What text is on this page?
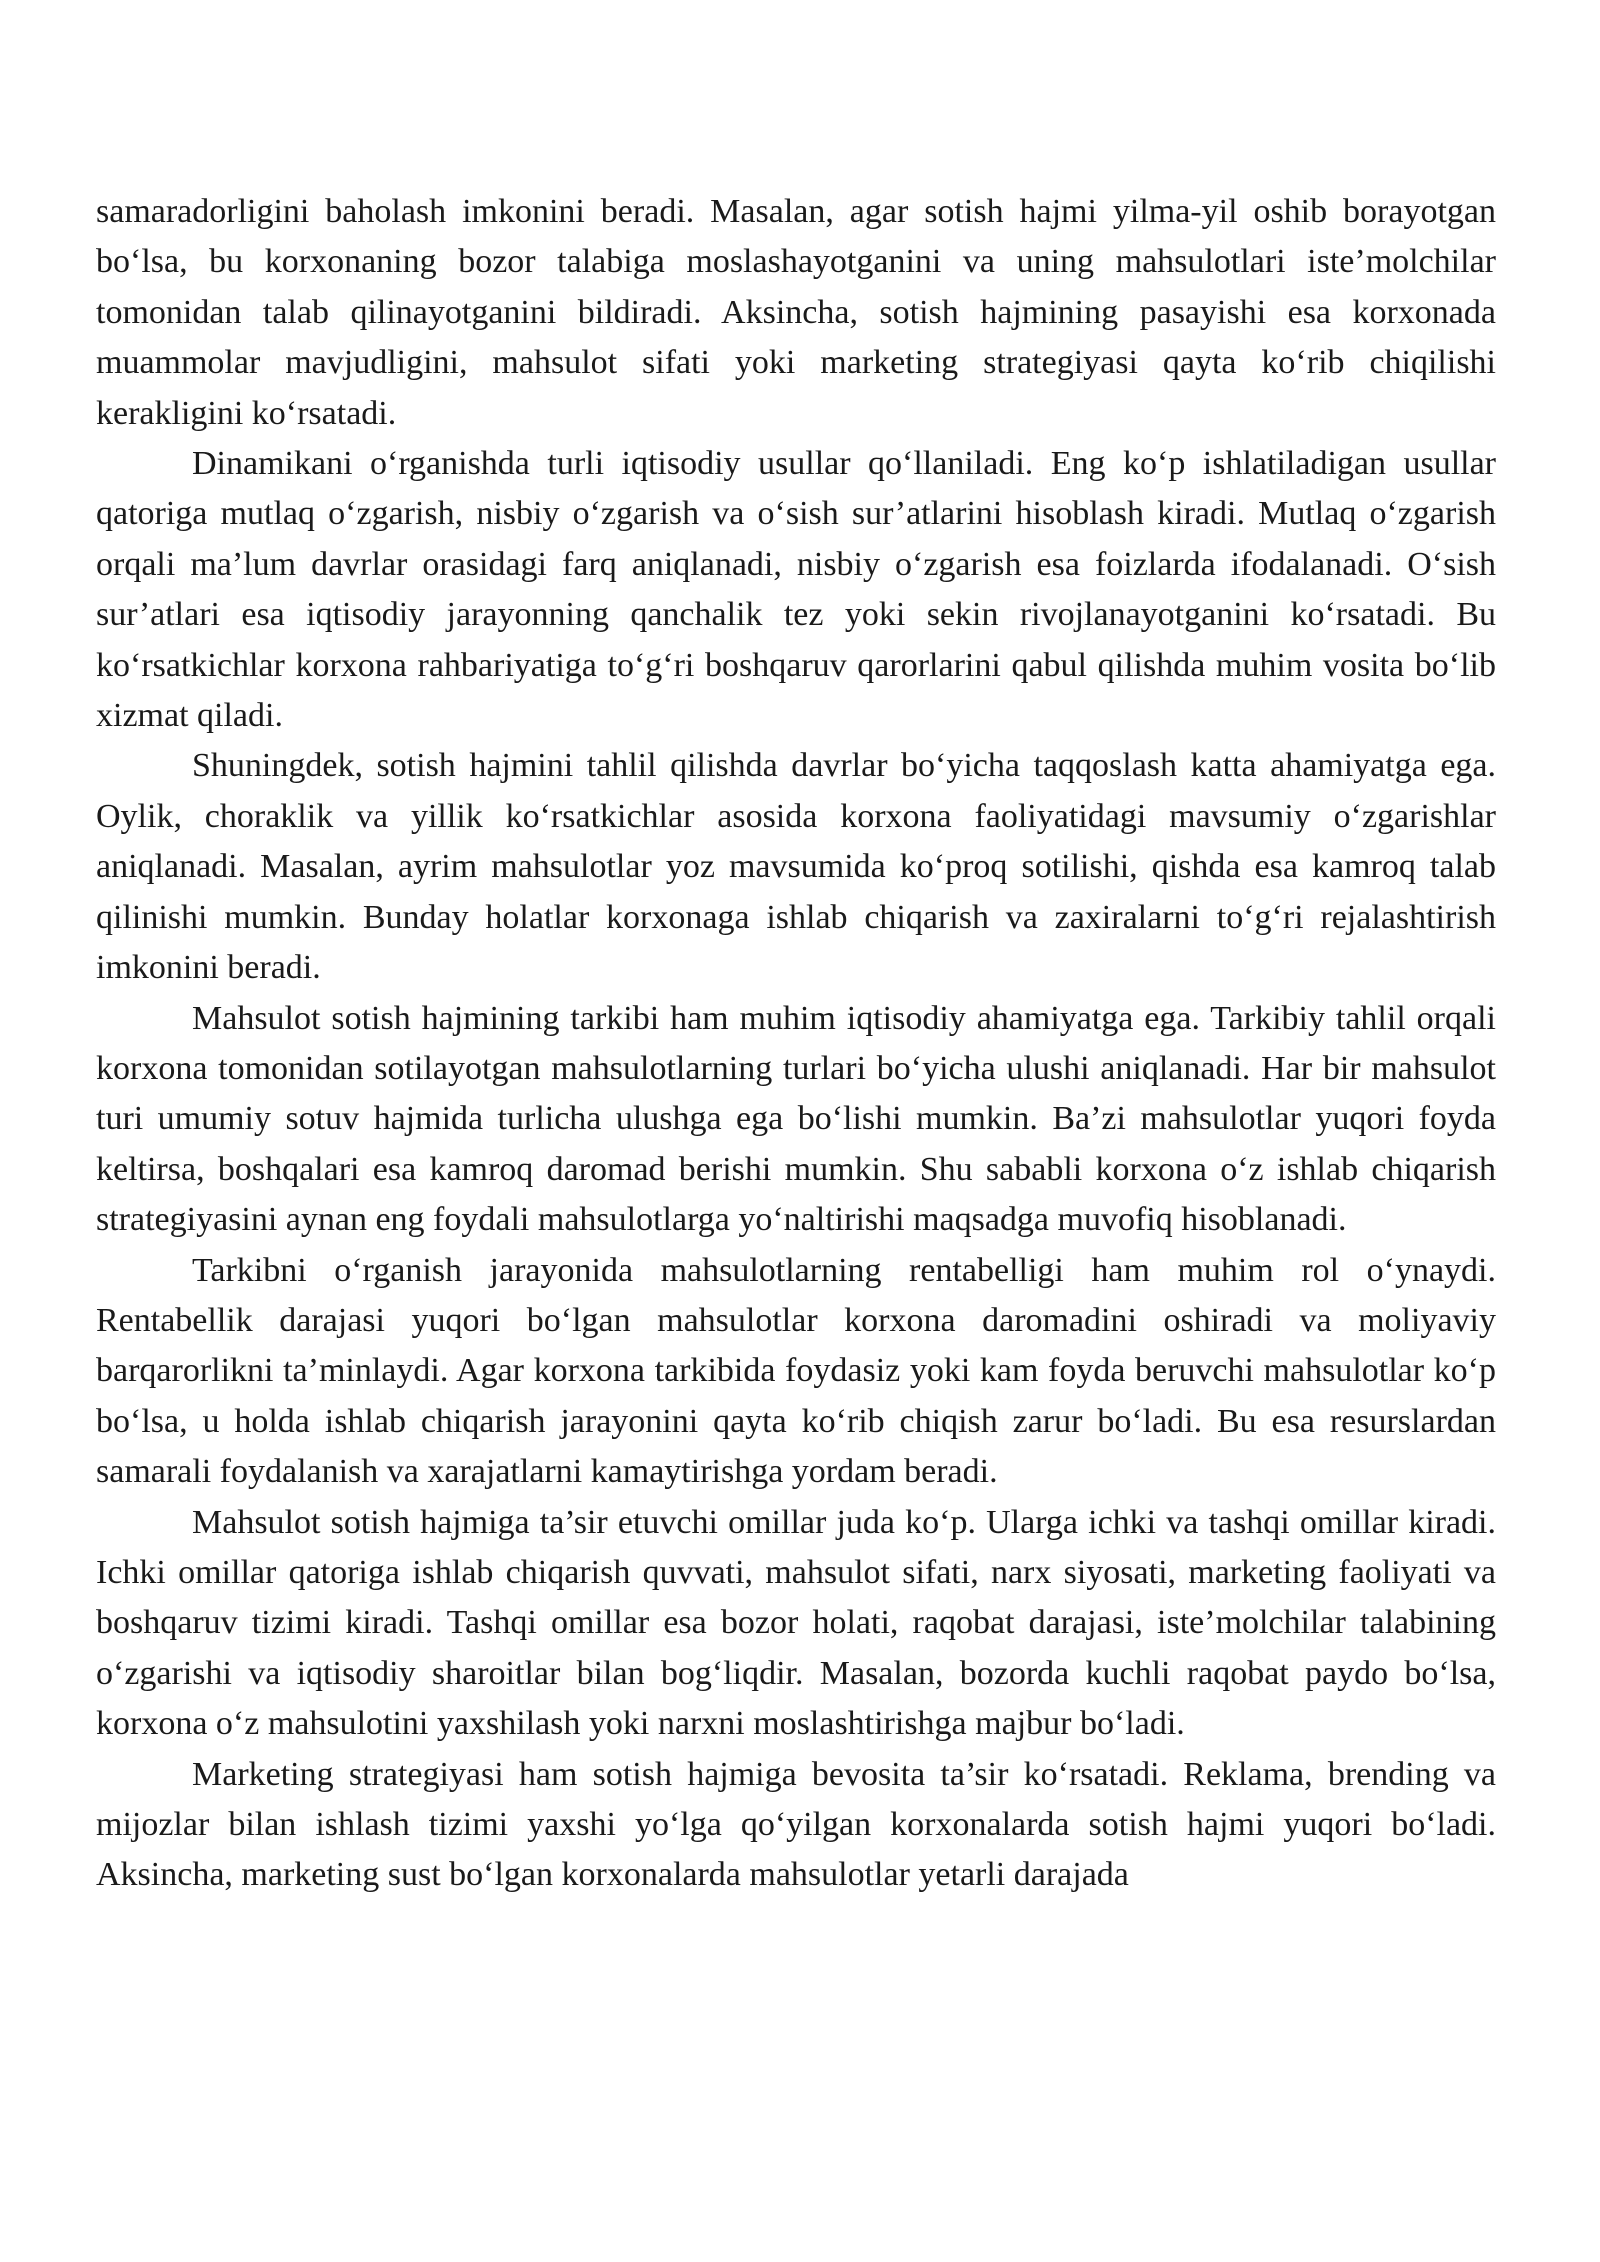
samaradorligini baholash imkonini beradi. Masalan, agar sotish hajmi yilma-yil oshib borayotgan bo‘lsa, bu korxonaning bozor talabiga moslashayotganini va uning mahsulotlari iste’molchilar tomonidan talab qilinayotganini bildiradi. Aksincha, sotish hajmining pasayishi esa korxonada muammolar mavjudligini, mahsulot sifati yoki marketing strategiyasi qayta ko‘rib chiqilishi kerakligini ko‘rsatadi.

Dinamikani o‘rganishda turli iqtisodiy usullar qo‘llaniladi. Eng ko‘p ishlatiladigan usullar qatoriga mutlaq o‘zgarish, nisbiy o‘zgarish va o‘sish sur’atlarini hisoblash kiradi. Mutlaq o‘zgarish orqali ma’lum davrlar orasidagi farq aniqlanadi, nisbiy o‘zgarish esa foizlarda ifodalanadi. O‘sish sur’atlari esa iqtisodiy jarayonning qanchalik tez yoki sekin rivojlanayotganini ko‘rsatadi. Bu ko‘rsatkichlar korxona rahbariyatiga to‘g‘ri boshqaruv qarorlarini qabul qilishda muhim vosita bo‘lib xizmat qiladi.

Shuningdek, sotish hajmini tahlil qilishda davrlar bo‘yicha taqqoslash katta ahamiyatga ega. Oylik, choraklik va yillik ko‘rsatkichlar asosida korxona faoliyatidagi mavsumiy o‘zgarishlar aniqlanadi. Masalan, ayrim mahsulotlar yoz mavsumida ko‘proq sotilishi, qishda esa kamroq talab qilinishi mumkin. Bunday holatlar korxonaga ishlab chiqarish va zaxiralarni to‘g‘ri rejalashtirish imkonini beradi.

Mahsulot sotish hajmining tarkibi ham muhim iqtisodiy ahamiyatga ega. Tarkibiy tahlil orqali korxona tomonidan sotilayotgan mahsulotlarning turlari bo‘yicha ulushi aniqlanadi. Har bir mahsulot turi umumiy sotuv hajmida turlicha ulushga ega bo‘lishi mumkin. Ba’zi mahsulotlar yuqori foyda keltirsa, boshqalari esa kamroq daromad berishi mumkin. Shu sababli korxona o‘z ishlab chiqarish strategiyasini aynan eng foydali mahsulotlarga yo‘naltirishi maqsadga muvofiq hisoblanadi.

Tarkibni o‘rganish jarayonida mahsulotlarning rentabelligi ham muhim rol o‘ynaydi. Rentabellik darajasi yuqori bo‘lgan mahsulotlar korxona daromadini oshiradi va moliyaviy barqarorlikni ta’minlaydi. Agar korxona tarkibida foydasiz yoki kam foyda beruvchi mahsulotlar ko‘p bo‘lsa, u holda ishlab chiqarish jarayonini qayta ko‘rib chiqish zarur bo‘ladi. Bu esa resurslardan samarali foydalanish va xarajatlarni kamaytirishga yordam beradi.

Mahsulot sotish hajmiga ta’sir etuvchi omillar juda ko‘p. Ularga ichki va tashqi omillar kiradi. Ichki omillar qatoriga ishlab chiqarish quvvati, mahsulot sifati, narx siyosati, marketing faoliyati va boshqaruv tizimi kiradi. Tashqi omillar esa bozor holati, raqobat darajasi, iste’molchilar talabining o‘zgarishi va iqtisodiy sharoitlar bilan bog‘liqdir. Masalan, bozorda kuchli raqobat paydo bo‘lsa, korxona o‘z mahsulotini yaxshilash yoki narxni moslashtirishga majbur bo‘ladi.

Marketing strategiyasi ham sotish hajmiga bevosita ta’sir ko‘rsatadi. Reklama, brending va mijozlar bilan ishlash tizimi yaxshi yo‘lga qo‘yilgan korxonalarda sotish hajmi yuqori bo‘ladi. Aksincha, marketing sust bo‘lgan korxonalarda mahsulotlar yetarli darajada
